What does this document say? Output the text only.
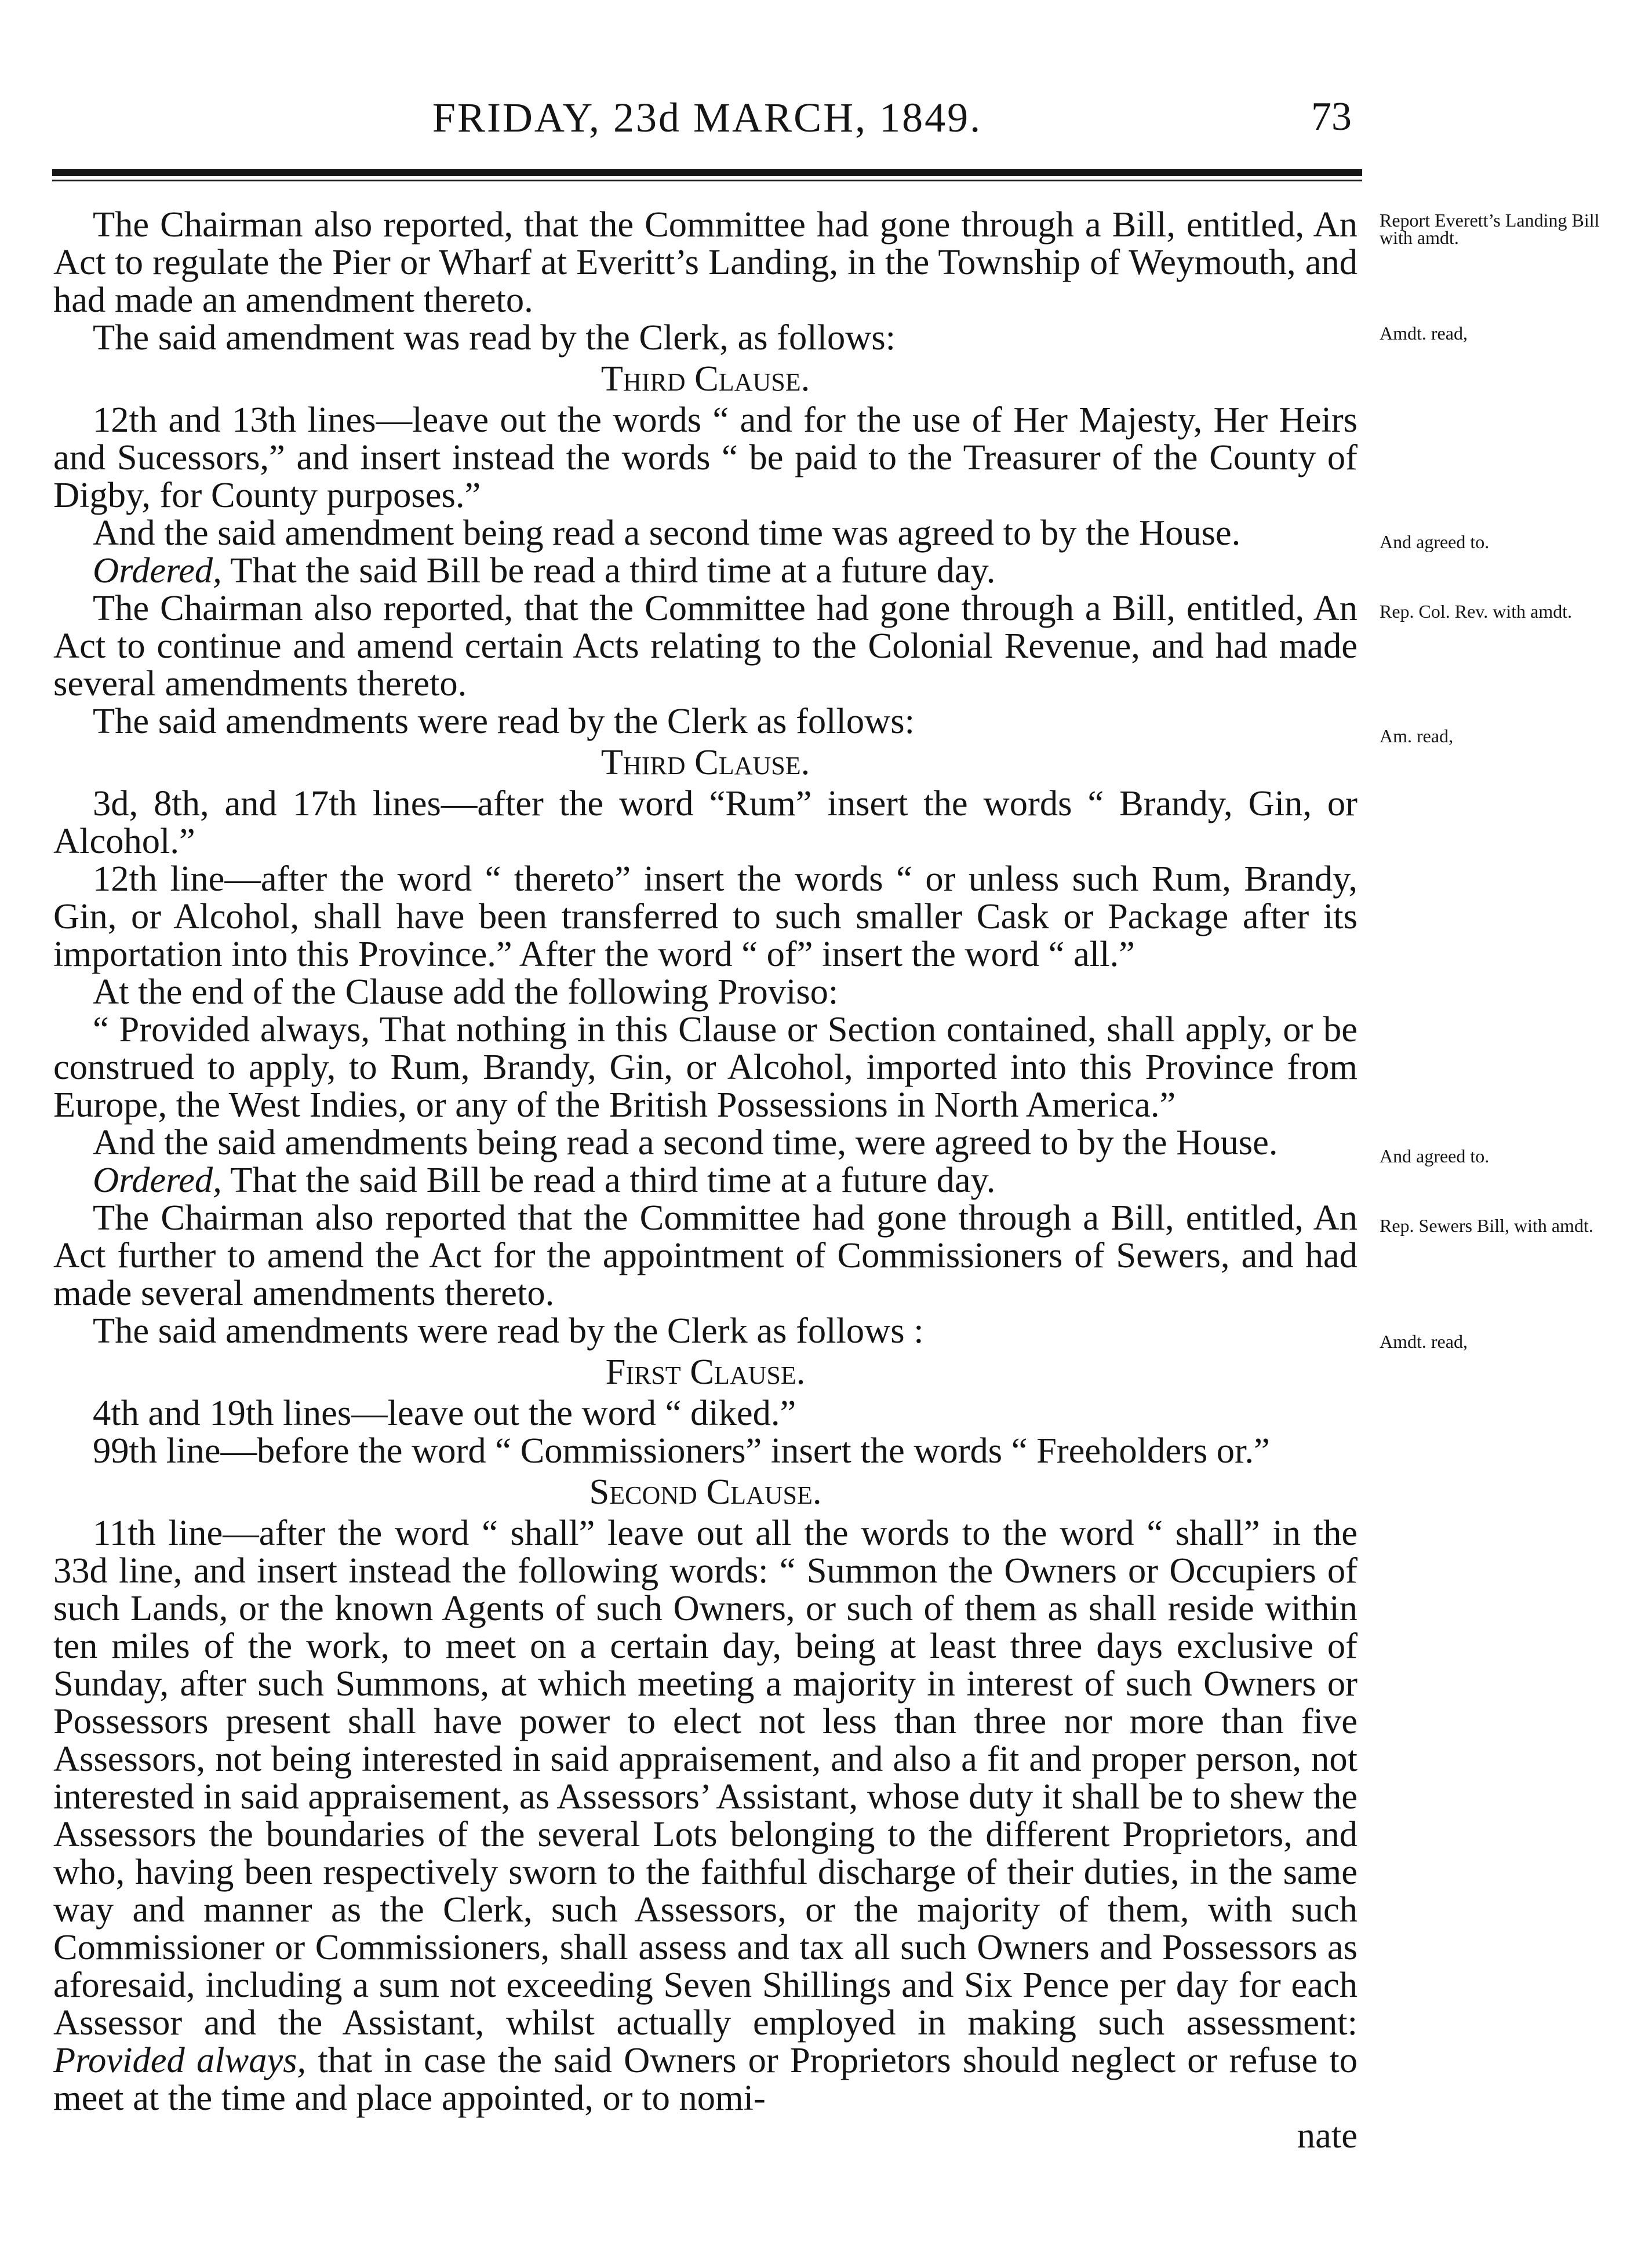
FRIDAY, 23d MARCH, 1849.	73

The Chairman also reported, that the Committee had gone through a Bill, entitled, An Act to regulate the Pier or Wharf at Everitt’s Landing, in the Township of Weymouth, and had made an amendment thereto.

The said amendment was read by the Clerk, as follows:

Third Clause.

12th and 13th lines—leave out the words “ and for the use of Her Majesty, Her Heirs and Sucessors,” and insert instead the words “ be paid to the Treasurer of the County of Digby, for County purposes.”

And the said amendment being read a second time was agreed to by the House.

Ordered, That the said Bill be read a third time at a future day.

The Chairman also reported, that the Committee had gone through a Bill, entitled, An Act to continue and amend certain Acts relating to the Colonial Revenue, and had made several amendments thereto.

The said amendments were read by the Clerk as follows:

Third Clause.

3d, 8th, and 17th lines—after the word “Rum” insert the words “ Brandy, Gin, or Alcohol.”

12th line—after the word “ thereto” insert the words “ or unless such Rum, Brandy, Gin, or Alcohol, shall have been transferred to such smaller Cask or Package after its importation into this Province.” After the word “ of” insert the word “ all.”

At the end of the Clause add the following Proviso:

“ Provided always, That nothing in this Clause or Section contained, shall apply, or be construed to apply, to Rum, Brandy, Gin, or Alcohol, imported into this Province from Europe, the West Indies, or any of the British Possessions in North America.”

And the said amendments being read a second time, were agreed to by the House.

Ordered, That the said Bill be read a third time at a future day.

The Chairman also reported that the Committee had gone through a Bill, entitled, An Act further to amend the Act for the appointment of Commissioners of Sewers, and had made several amendments thereto.

The said amendments were read by the Clerk as follows :

First Clause.

4th and 19th lines—leave out the word “ diked.”

99th line—before the word “ Commissioners” insert the words “ Freeholders or.”

Second Clause.

11th line—after the word “ shall” leave out all the words to the word “ shall” in the 33d line, and insert instead the following words: “ Summon the Owners or Occupiers of such Lands, or the known Agents of such Owners, or such of them as shall reside within ten miles of the work, to meet on a certain day, being at least three days exclusive of Sunday, after such Summons, at which meeting a majority in interest of such Owners or Possessors present shall have power to elect not less than three nor more than five Assessors, not being interested in said appraisement, and also a fit and proper person, not interested in said appraisement, as Assessors’ Assistant, whose duty it shall be to shew the Assessors the boundaries of the several Lots belonging to the different Proprietors, and who, having been respectively sworn to the faithful discharge of their duties, in the same way and manner as the Clerk, such Assessors, or the majority of them, with such Commissioner or Commissioners, shall assess and tax all such Owners and Possessors as aforesaid, including a sum not exceeding Seven Shillings and Six Pence per day for each Assessor and the Assistant, whilst actually employed in making such assessment: Provided always, that in case the said Owners or Proprietors should neglect or refuse to meet at the time and place appointed, or to nomi-

nate

Report Everett’s Landing Bill with amdt.
Amdt. read,
And agreed to.
Rep. Col. Rev. with amdt.
Am. read,
And agreed to.
Rep. Sewers Bill, with amdt.
Amdt. read,
